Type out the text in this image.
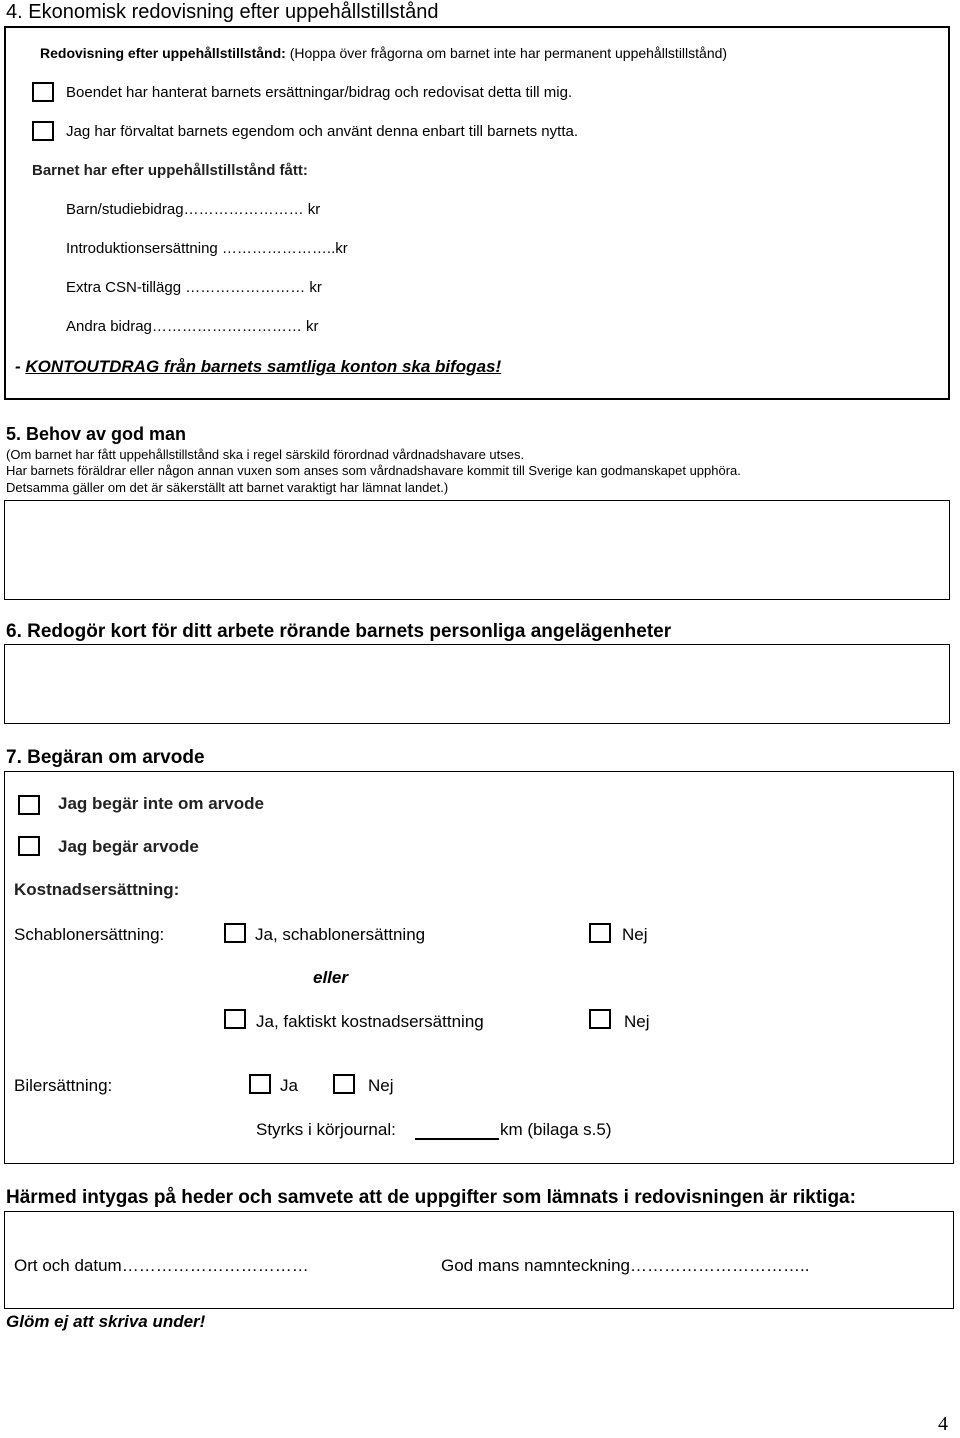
4. Ekonomisk redovisning efter uppehållstillstånd
Redovisning efter uppehållstillstånd: (Hoppa över frågorna om barnet inte har permanent uppehållstillstånd)
Boendet har hanterat barnets ersättningar/bidrag och redovisat detta till mig.
Jag har förvaltat barnets egendom och använt denna enbart till barnets nytta.
Barnet har efter uppehållstillstånd fått:
Barn/studiebidrag…………………… kr
Introduktionsersättning …………………..kr
Extra CSN-tillägg …………………… kr
Andra bidrag………………………… kr
- KONTOUTDRAG från barnets samtliga konton ska bifogas!
5. Behov av god man
(Om barnet har fått uppehållstillstånd ska i regel särskild förordnad vårdnadshavare utses.
Har barnets föräldrar eller någon annan vuxen som anses som vårdnadshavare kommit till Sverige kan godmanskapet upphöra.
Detsamma gäller om det är säkerställt att barnet varaktigt har lämnat landet.)
6. Redogör kort för ditt arbete rörande barnets personliga angelägenheter
7. Begäran om arvode
Jag begär inte om arvode
Jag begär arvode
Kostnadsersättning:
Schablonersättning:	Ja, schablonersättning	Nej
eller
Ja, faktiskt kostnadsersättning	Nej
Bilersättning:	Ja	Nej
Styrks i körjournal:	km (bilaga s.5)
Härmed intygas på heder och samvete att de uppgifter som lämnats i redovisningen är riktiga:
Ort och datum……………………………	God mans namnteckning…………………………..
Glöm ej att skriva under!
4
